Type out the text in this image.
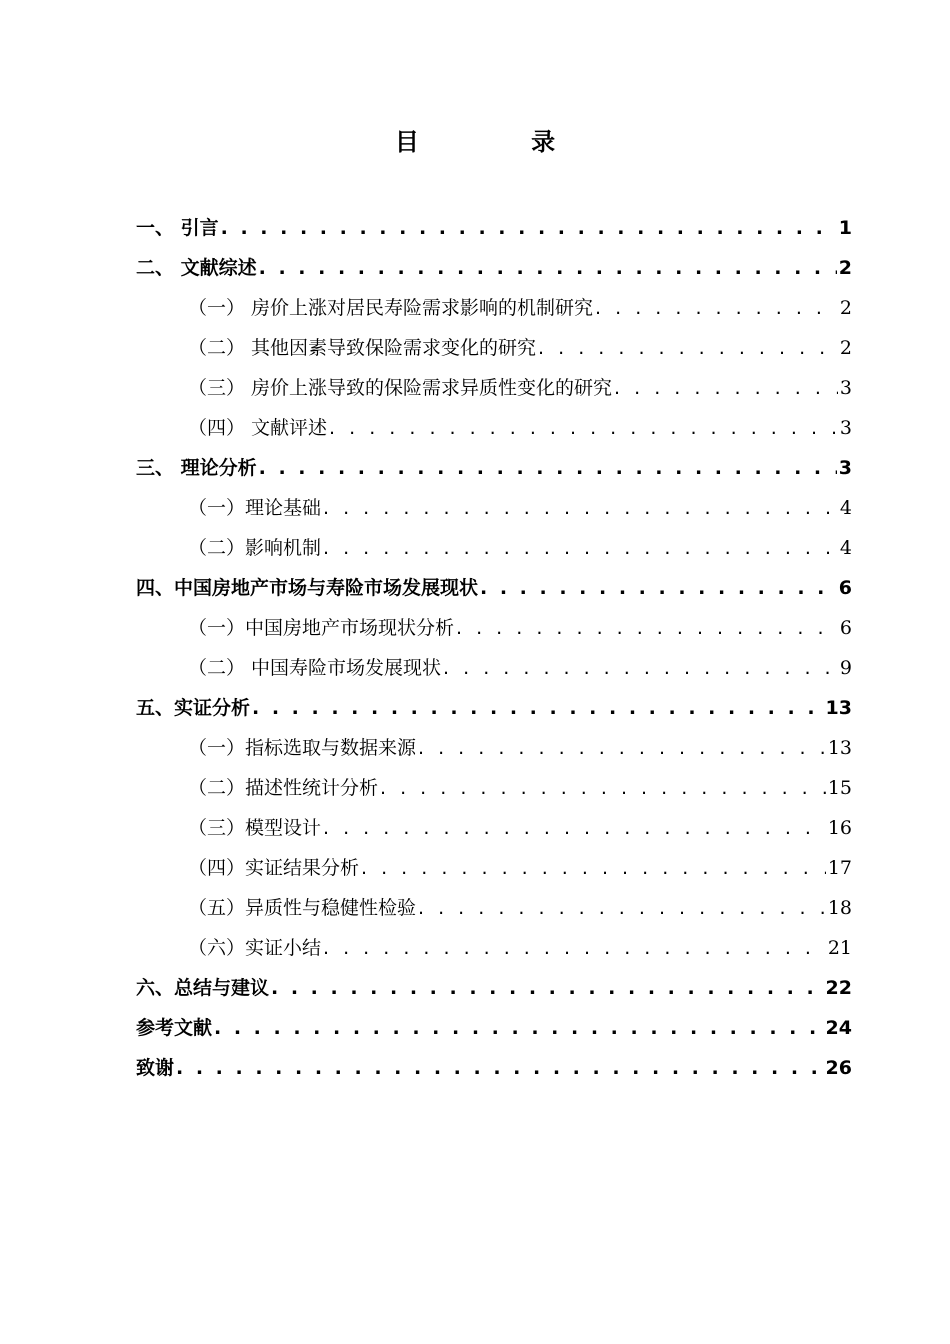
目 录
一、 引言 . . .	1
二、 文献综述 . . .	2
（一） 房价上涨对居民寿险需求影响的机制研究 . . .	2
（二） 其他因素导致保险需求变化的研究 . . .	2
（三） 房价上涨导致的保险需求异质性变化的研究 . . .	3
（四） 文献评述 . . .	3
三、 理论分析 . . .	3
（一）理论基础 . . .	4
（二）影响机制 . . .	4
四、中国房地产市场与寿险市场发展现状 . . .	6
（一）中国房地产市场现状分析 . . .	6
（二） 中国寿险市场发展现状 . . .	9
五、实证分析 . . .	13
（一）指标选取与数据来源 . . .	13
（二）描述性统计分析 . . .	15
（三）模型设计 . . .	16
（四）实证结果分析 . . .	17
（五）异质性与稳健性检验 . . .	18
（六）实证小结 . . .	21
六、总结与建议 . . .	22
参考文献 . . .	24
致谢 . . .	26
